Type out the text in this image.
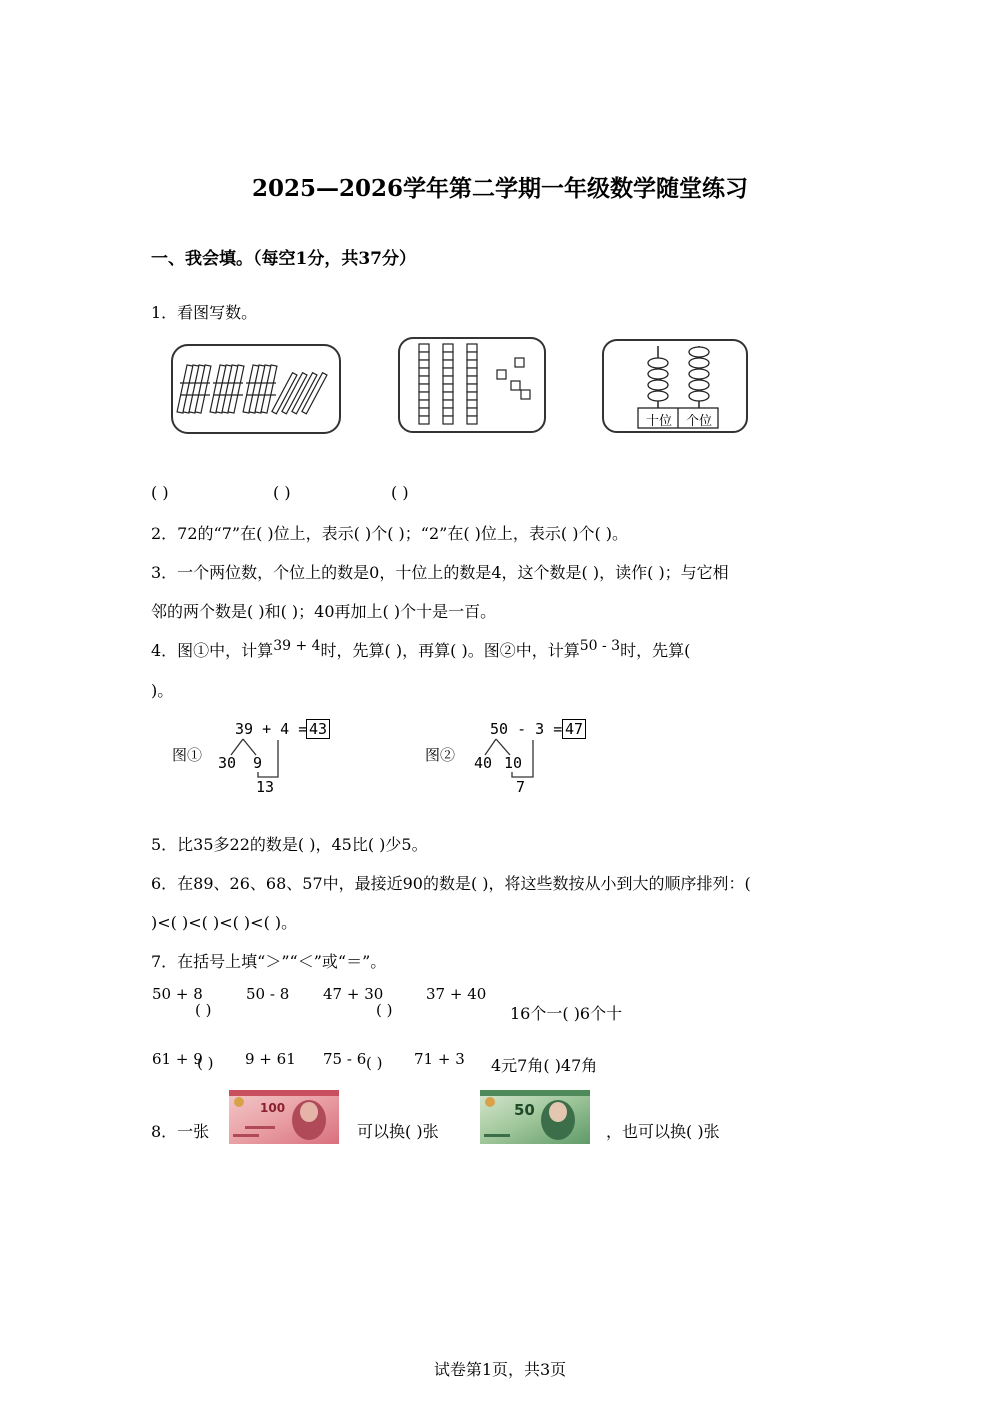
2025—2026学年第二学期一年级数学随堂练习
一、我会填。（每空1分，共37分）
1．看图写数。
十位	个位
( )	( )	( )
2．72的“7”在( )位上，表示( )个( )；“2”在( )位上，表示( )个( )。
3．一个两位数，个位上的数是0，十位上的数是4，这个数是( )，读作( )；与它相
邻的两个数是( )和( )；40再加上( )个十是一百。
4．图①中，计算39 + 4时，先算( )，再算( )。图②中，计算50 - 3时，先算(
)。
图①
39 + 4 = 43
30 9
13
图②
50 - 3 = 47
40 10
7
5．比35多22的数是( )，45比( )少5。
6．在89、26、68、57中，最接近90的数是( )，将这些数按从小到大的顺序排列：(
)<( )<( )<( )<( )。
7．在括号上填“＞”“＜”或“＝”。
50 + 8
( )
50 - 8 47 + 30
( )
37 + 40
16个一( )6个十
61 + 9
( ) 9 + 61 75 - 6 ( ) 71 + 3 4元7角( )47角
8．一张
100
可以换( )张
50
，也可以换( )张
试卷第1页，共3页
